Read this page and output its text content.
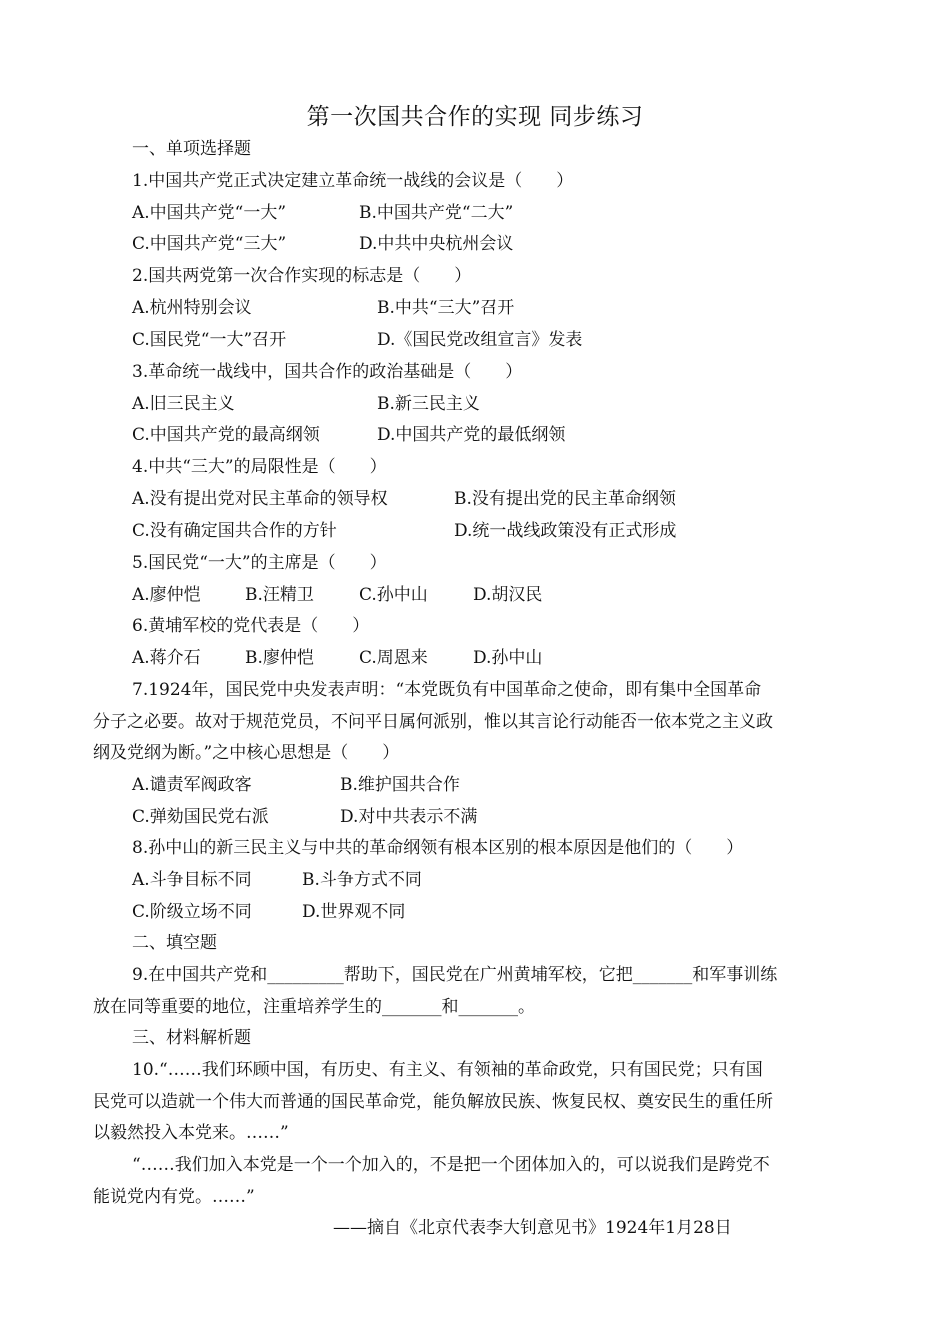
第一次国共合作的实现 同步练习
一、单项选择题
1.中国共产党正式决定建立革命统一战线的会议是（　　）
A.中国共产党“一大”	B.中国共产党“二大”
C.中国共产党“三大”	D.中共中央杭州会议
2.国共两党第一次合作实现的标志是（　　）
A.杭州特别会议	B.中共“三大”召开
C.国民党“一大”召开	D.《国民党改组宣言》发表
3.革命统一战线中，国共合作的政治基础是（　　）
A.旧三民主义	B.新三民主义
C.中国共产党的最高纲领	D.中国共产党的最低纲领
4.中共“三大”的局限性是（　　）
A.没有提出党对民主革命的领导权	B.没有提出党的民主革命纲领
C.没有确定国共合作的方针	D.统一战线政策没有正式形成
5.国民党“一大”的主席是（　　）
A.廖仲恺	B.汪精卫	C.孙中山	D.胡汉民
6.黄埔军校的党代表是（　　）
A.蒋介石	B.廖仲恺	C.周恩来	D.孙中山
7.1924年，国民党中央发表声明：“本党既负有中国革命之使命，即有集中全国革命
分子之必要。故对于规范党员，不问平日属何派别，惟以其言论行动能否一依本党之主义政
纲及党纲为断。”之中核心思想是（　　）
A.谴责军阀政客	B.维护国共合作
C.弹劾国民党右派	D.对中共表示不满
8.孙中山的新三民主义与中共的革命纲领有根本区别的根本原因是他们的（　　）
A.斗争目标不同	B.斗争方式不同
C.阶级立场不同	D.世界观不同
二、填空题
9.在中国共产党和_________帮助下，国民党在广州黄埔军校，它把_______和军事训练
放在同等重要的地位，注重培养学生的_______和_______。
三、材料解析题
10.“……我们环顾中国，有历史、有主义、有领袖的革命政党，只有国民党；只有国
民党可以造就一个伟大而普通的国民革命党，能负解放民族、恢复民权、奠安民生的重任所
以毅然投入本党来。……”
“……我们加入本党是一个一个加入的，不是把一个团体加入的，可以说我们是跨党不
能说党内有党。……”
——摘自《北京代表李大钊意见书》1924年1月28日
